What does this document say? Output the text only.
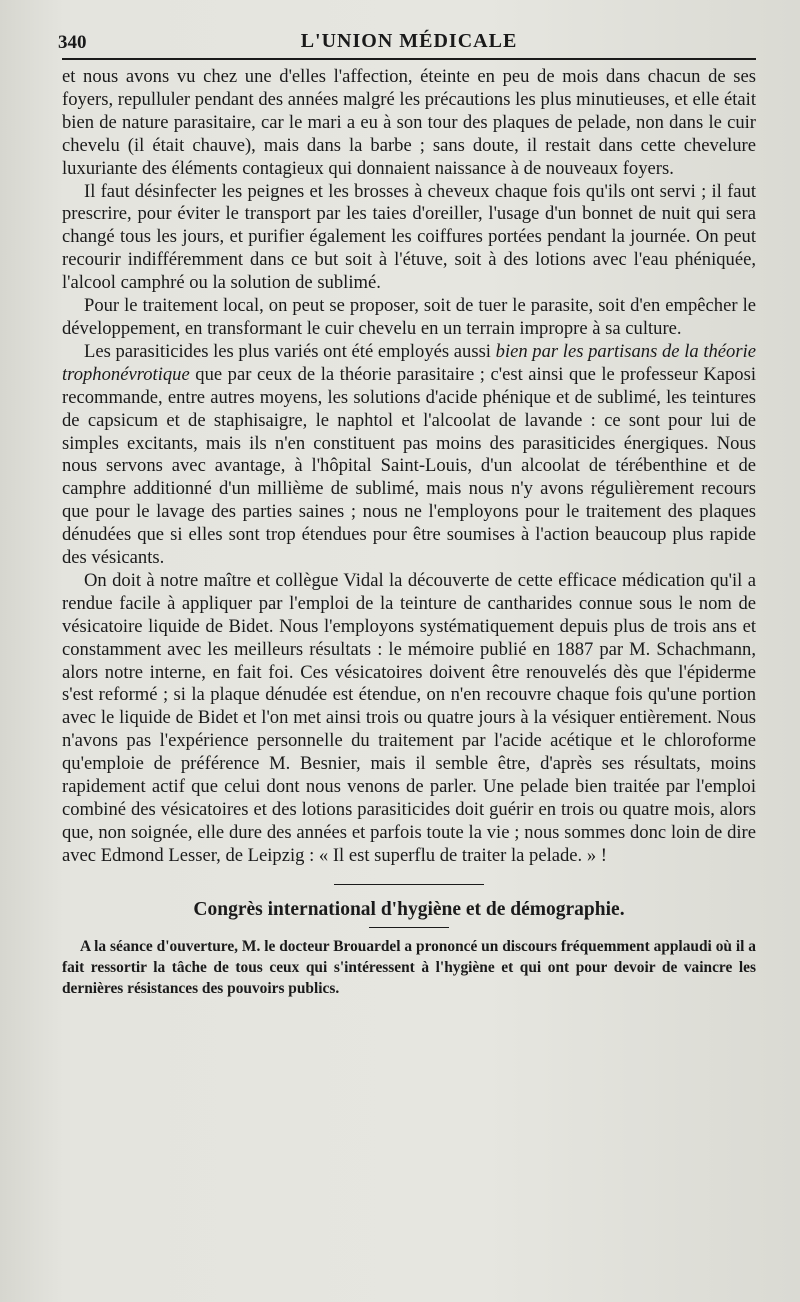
340	L'UNION MÉDICALE

et nous avons vu chez une d'elles l'affection, éteinte en peu de mois dans chacun de ses foyers, repulluler pendant des années malgré les précautions les plus minutieuses, et elle était bien de nature parasitaire, car le mari a eu à son tour des plaques de pelade, non dans le cuir chevelu (il était chauve), mais dans la barbe ; sans doute, il restait dans cette chevelure luxuriante des éléments contagieux qui donnaient naissance à de nouveaux foyers.

Il faut désinfecter les peignes et les brosses à cheveux chaque fois qu'ils ont servi ; il faut prescrire, pour éviter le transport par les taies d'oreiller, l'usage d'un bonnet de nuit qui sera changé tous les jours, et purifier également les coiffures portées pendant la journée. On peut recourir indifféremment dans ce but soit à l'étuve, soit à des lotions avec l'eau phéniquée, l'alcool camphré ou la solution de sublimé.

Pour le traitement local, on peut se proposer, soit de tuer le parasite, soit d'en empêcher le développement, en transformant le cuir chevelu en un terrain impropre à sa culture.

Les parasiticides les plus variés ont été employés aussi bien par les partisans de la théorie trophonévrotique que par ceux de la théorie parasitaire ; c'est ainsi que le professeur Kaposi recommande, entre autres moyens, les solutions d'acide phénique et de sublimé, les teintures de capsicum et de staphisaigre, le naphtol et l'alcoolat de lavande : ce sont pour lui de simples excitants, mais ils n'en constituent pas moins des parasiticides énergiques. Nous nous servons avec avantage, à l'hôpital Saint-Louis, d'un alcoolat de térébenthine et de camphre additionné d'un millième de sublimé, mais nous n'y avons régulièrement recours que pour le lavage des parties saines ; nous ne l'employons pour le traitement des plaques dénudées que si elles sont trop étendues pour être soumises à l'action beaucoup plus rapide des vésicants.

On doit à notre maître et collègue Vidal la découverte de cette efficace médication qu'il a rendue facile à appliquer par l'emploi de la teinture de cantharides connue sous le nom de vésicatoire liquide de Bidet. Nous l'employons systématiquement depuis plus de trois ans et constamment avec les meilleurs résultats : le mémoire publié en 1887 par M. Schachmann, alors notre interne, en fait foi. Ces vésicatoires doivent être renouvelés dès que l'épiderme s'est reformé ; si la plaque dénudée est étendue, on n'en recouvre chaque fois qu'une portion avec le liquide de Bidet et l'on met ainsi trois ou quatre jours à la vésiquer entièrement. Nous n'avons pas l'expérience personnelle du traitement par l'acide acétique et le chloroforme qu'emploie de préférence M. Besnier, mais il semble être, d'après ses résultats, moins rapidement actif que celui dont nous venons de parler. Une pelade bien traitée par l'emploi combiné des vésicatoires et des lotions parasiticides doit guérir en trois ou quatre mois, alors que, non soignée, elle dure des années et parfois toute la vie ; nous sommes donc loin de dire avec Edmond Lesser, de Leipzig : « Il est superflu de traiter la pelade. » !

Congrès international d'hygiène et de démographie.

A la séance d'ouverture, M. le docteur Brouardel a prononcé un discours fréquemment applaudi où il a fait ressortir la tâche de tous ceux qui s'intéressent à l'hygiène et qui ont pour devoir de vaincre les dernières résistances des pouvoirs publics.
